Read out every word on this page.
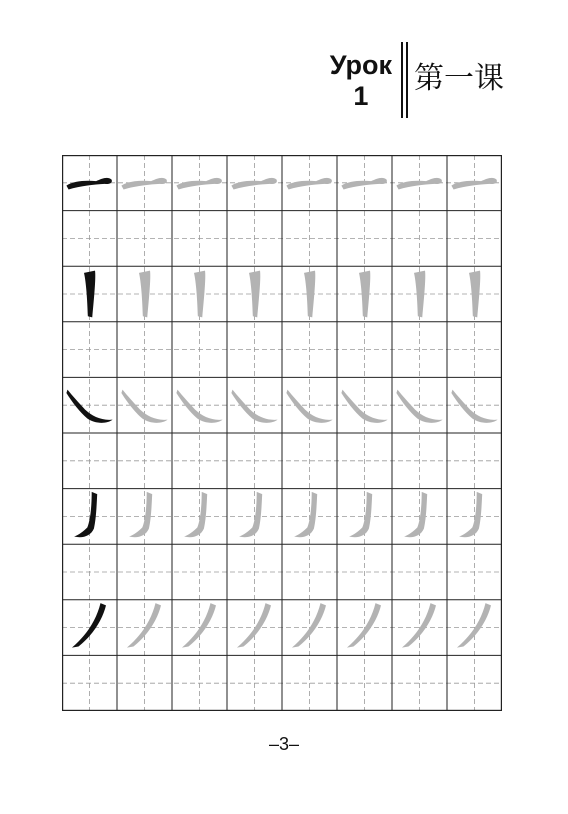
Урок
1	第一课
–3–
